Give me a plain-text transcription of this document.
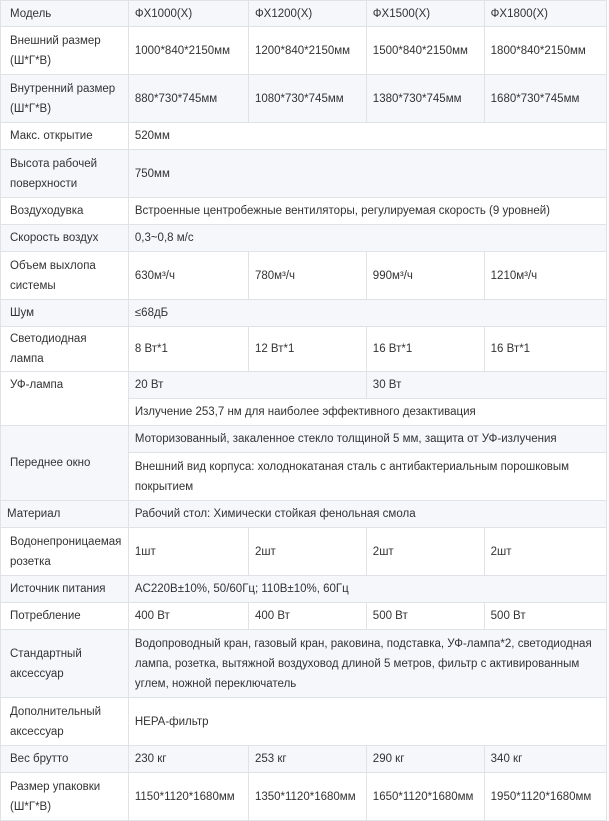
Модель	ФХ1000(X)	ФХ1200(X)	ФХ1500(X)	ФХ1800(X)
Внешний размер (Ш*Г*В)	1000*840*2150мм	1200*840*2150мм	1500*840*2150мм	1800*840*2150мм
Внутренний размер (Ш*Г*В)	880*730*745мм	1080*730*745мм	1380*730*745мм	1680*730*745мм
Макс. открытие	520мм			
Высота рабочей поверхности	750мм			
Воздуходувка	Встроенные центробежные вентиляторы, регулируемая скорость (9 уровней)			
Скорость воздух	0,3~0,8 м/с			
Объем выхлопа системы	630м³/ч	780м³/ч	990м³/ч	1210м³/ч
Шум	≤68дБ			
Светодиодная лампа	8 Вт*1	12 Вт*1	16 Вт*1	16 Вт*1
УФ-лампа	20 Вт		30 Вт	
	Излучение 253,7 нм для наиболее эффективного дезактивация			
Переднее окно	Моторизованный, закаленное стекло толщиной 5 мм, защита от УФ-излучения			
	Внешний вид корпуса: холоднокатаная сталь с антибактериальным порошковым покрытием			
Материал	Рабочий стол: Химически стойкая фенольная смола			
Водонепроницаемая розетка	1шт	2шт	2шт	2шт
Источник питания	AC220B±10%, 50/60Гц; 110В±10%, 60Гц			
Потребление	400 Вт	400 Вт	500 Вт	500 Вт
Стандартный аксессуар	Водопроводный кран, газовый кран, раковина, подставка, УФ-лампа*2, светодиодная лампа, розетка, вытяжной воздуховод длиной 5 метров, фильтр с активированным углем, ножной переключатель			
Дополнительный аксессуар	HEPA-фильтр			
Вес брутто	230 кг	253 кг	290 кг	340 кг
Размер упаковки (Ш*Г*В)	1150*1120*1680мм	1350*1120*1680мм	1650*1120*1680мм	1950*1120*1680мм
